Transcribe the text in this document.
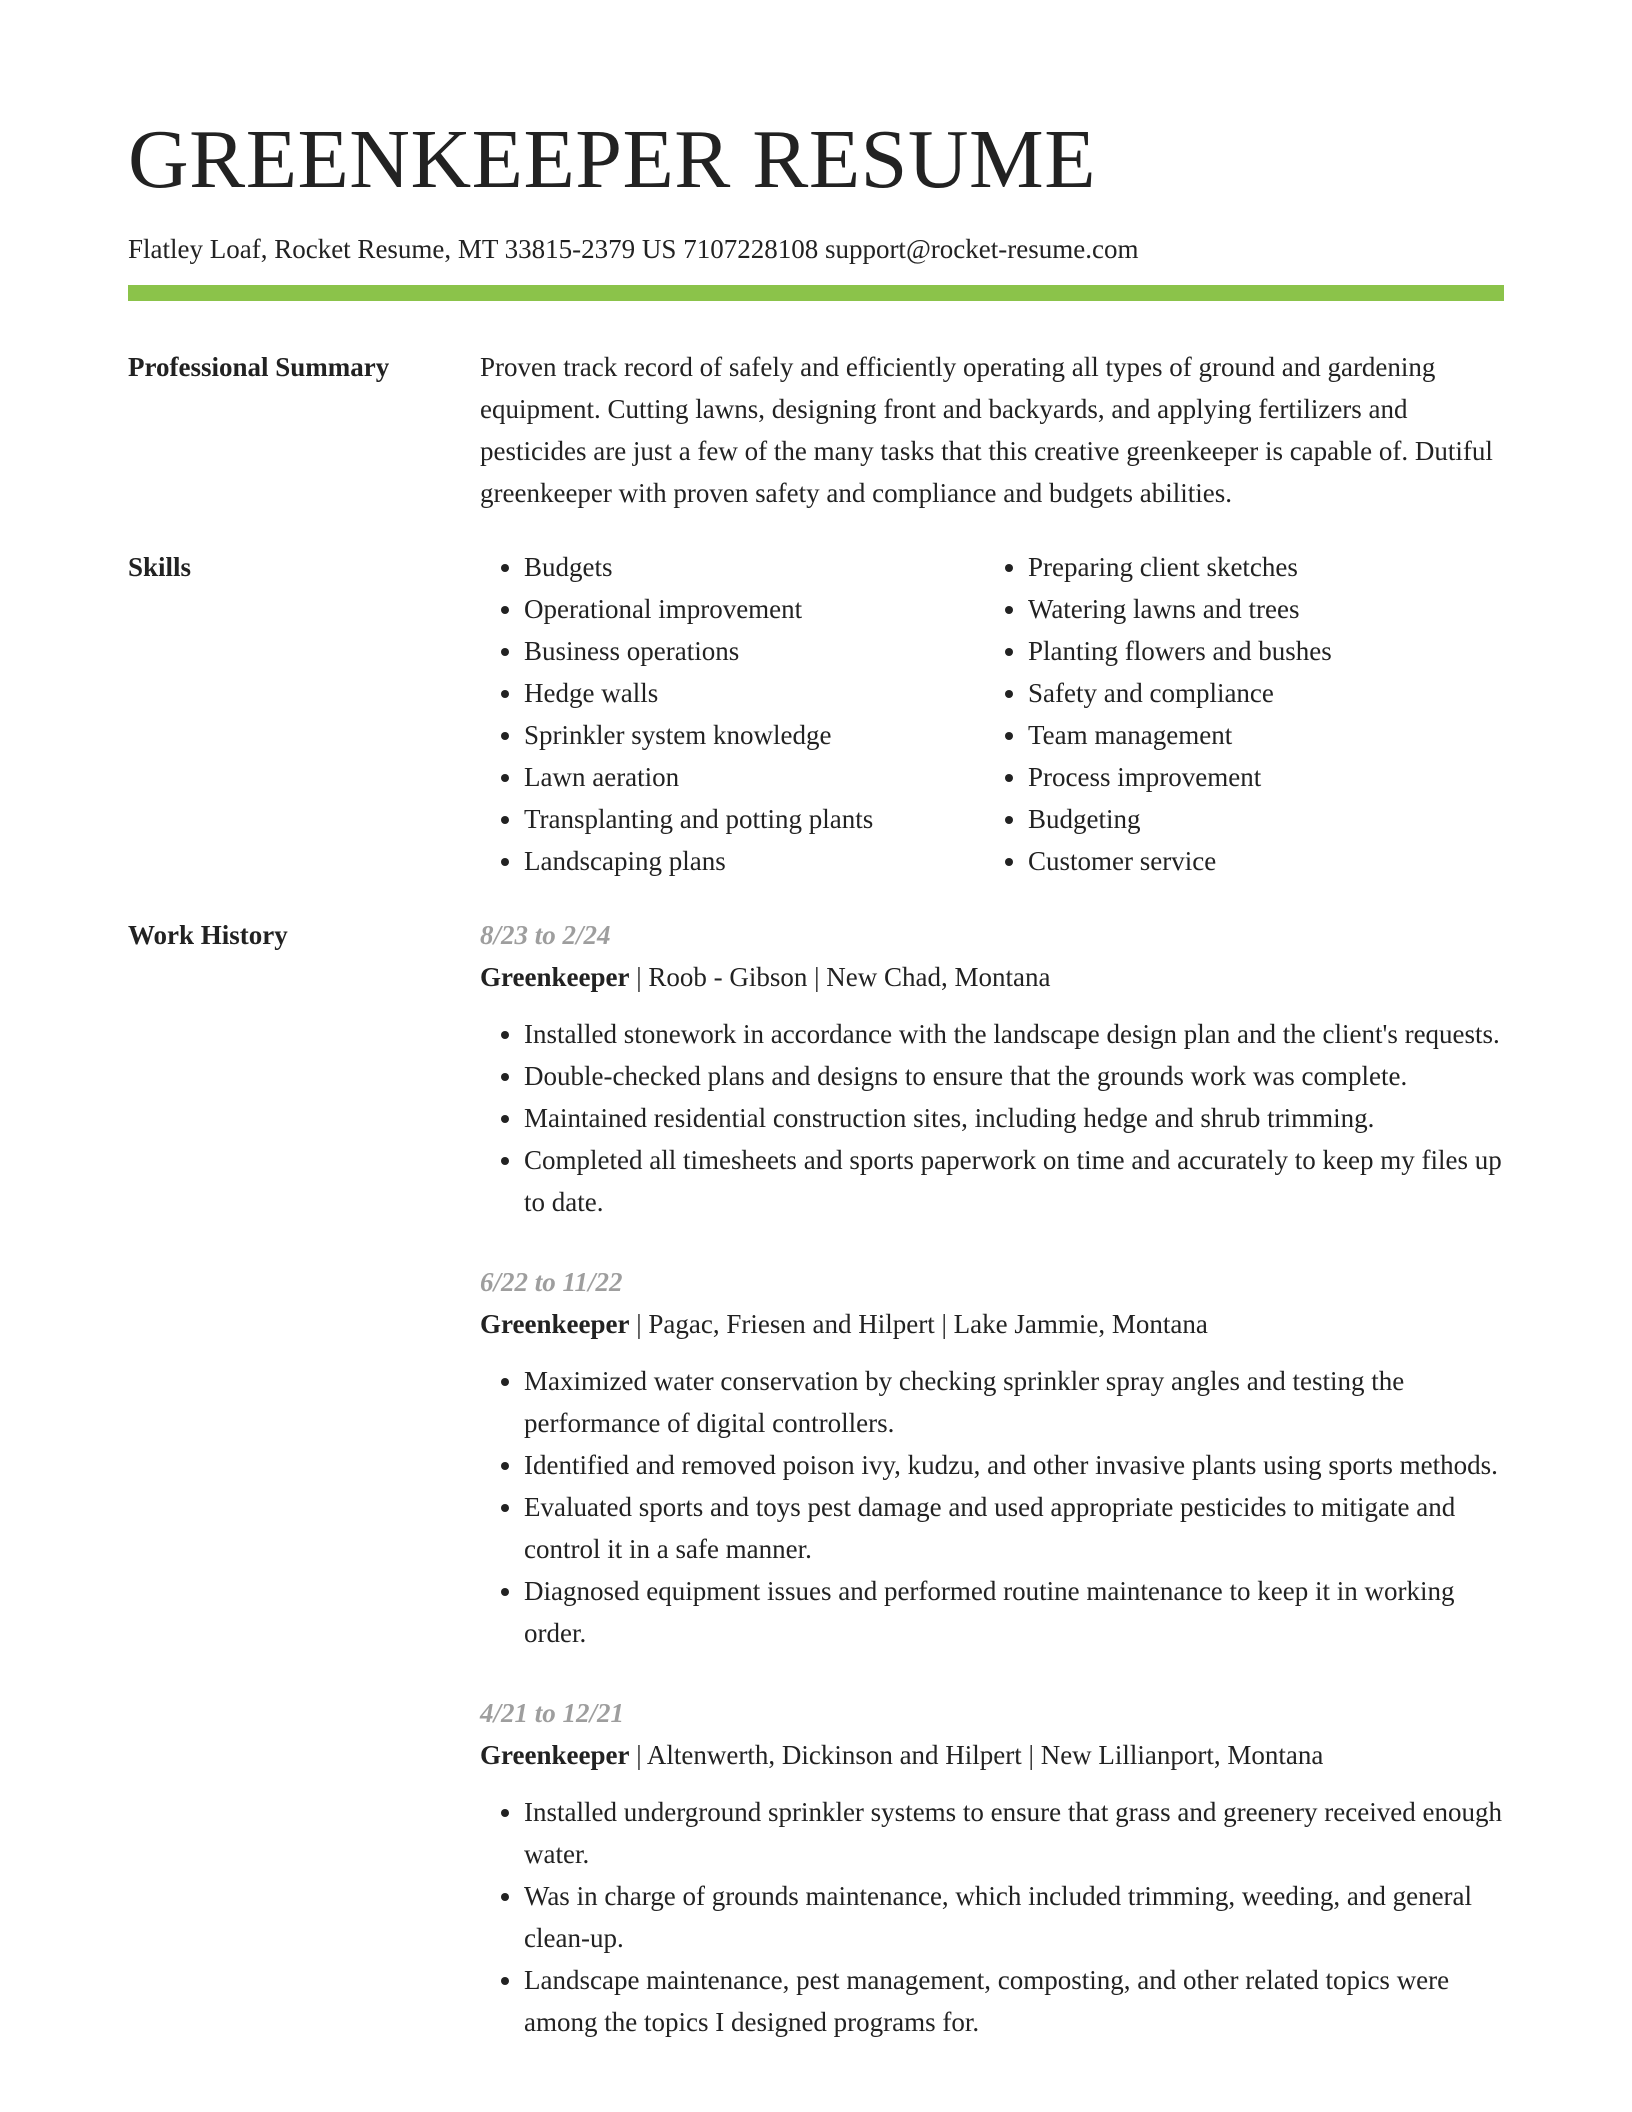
GREENKEEPER RESUME
Flatley Loaf, Rocket Resume, MT 33815-2379 US 7107228108 support@rocket-resume.com
Professional Summary	Proven track record of safely and efficiently operating all types of ground and gardening equipment. Cutting lawns, designing front and backyards, and applying fertilizers and pesticides are just a few of the many tasks that this creative greenkeeper is capable of. Dutiful greenkeeper with proven safety and compliance and budgets abilities.

Skills
•	Budgets
• Operational improvement
• Business operations
• Hedge walls
• Sprinkler system knowledge
• Lawn aeration
• Transplanting and potting plants
• Landscaping plans
• Preparing client sketches
• Watering lawns and trees
• Planting flowers and bushes
• Safety and compliance
• Team management
• Process improvement
• Budgeting
• Customer service
Work History	8/23 to 2/24
Greenkeeper | Roob - Gibson | New Chad, Montana
• Installed stonework in accordance with the landscape design plan and the client's requests.
• Double-checked plans and designs to ensure that the grounds work was complete.
• Maintained residential construction sites, including hedge and shrub trimming.
• Completed all timesheets and sports paperwork on time and accurately to keep my files up to date.
6/22 to 11/22
Greenkeeper | Pagac, Friesen and Hilpert | Lake Jammie, Montana
• Maximized water conservation by checking sprinkler spray angles and testing the performance of digital controllers.
• Identified and removed poison ivy, kudzu, and other invasive plants using sports methods.
• Evaluated sports and toys pest damage and used appropriate pesticides to mitigate and control it in a safe manner.
• Diagnosed equipment issues and performed routine maintenance to keep it in working order.
4/21 to 12/21
Greenkeeper | Altenwerth, Dickinson and Hilpert | New Lillianport, Montana
• Installed underground sprinkler systems to ensure that grass and greenery received enough water.
• Was in charge of grounds maintenance, which included trimming, weeding, and general clean-up.
• Landscape maintenance, pest management, composting, and other related topics were among the topics I designed programs for.
